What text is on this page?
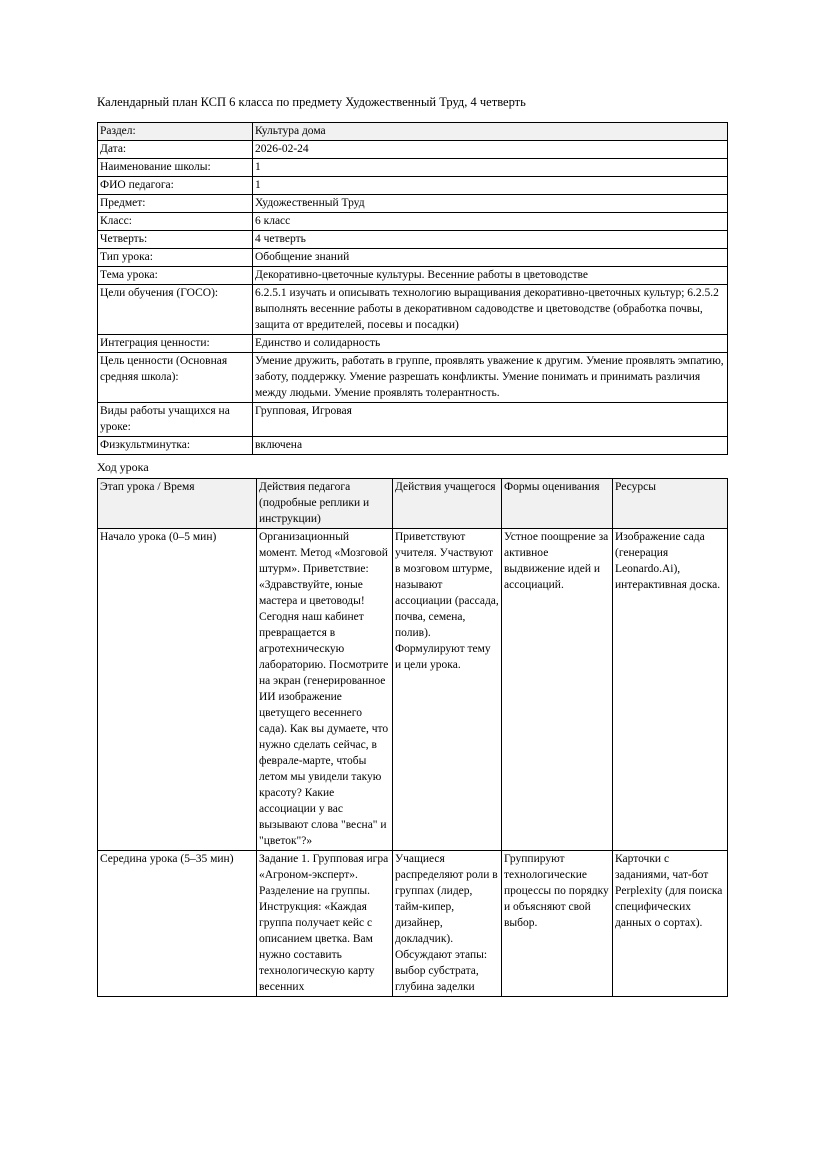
Календарный план КСП 6 класса по предмету Художественный Труд, 4 четверть

Раздел:	Культура дома
Дата:	2026-02-24
Наименование школы:	1
ФИО педагога:	1
Предмет:	Художественный Труд
Класс:	6 класс
Четверть:	4 четверть
Тип урока:	Обобщение знаний
Тема урока:	Декоративно-цветочные культуры. Весенние работы в цветоводстве
Цели обучения (ГОСО):	6.2.5.1 изучать и описывать технологию выращивания декоративно-цветочных культур; 6.2.5.2 выполнять весенние работы в декоративном садоводстве и цветоводстве (обработка почвы, защита от вредителей, посевы и посадки)
Интеграция ценности:	Единство и солидарность
Цель ценности (Основная средняя школа):	Умение дружить, работать в группе, проявлять уважение к другим. Умение проявлять эмпатию, заботу, поддержку. Умение разрешать конфликты. Умение понимать и принимать различия между людьми. Умение проявлять толерантность.
Виды работы учащихся на уроке:	Групповая, Игровая
Физкультминутка:	включена

Ход урока

Этап урока / Время	Действия педагога (подробные реплики и инструкции)	Действия учащегося	Формы оценивания	Ресурсы
Начало урока (0–5 мин)	Организационный момент. Метод «Мозговой штурм». Приветствие: «Здравствуйте, юные мастера и цветоводы! Сегодня наш кабинет превращается в агротехническую лабораторию. Посмотрите на экран (генерированное ИИ изображение цветущего весеннего сада). Как вы думаете, что нужно сделать сейчас, в феврале-марте, чтобы летом мы увидели такую красоту? Какие ассоциации у вас вызывают слова "весна" и "цветок"?»	Приветствуют учителя. Участвуют в мозговом штурме, называют ассоциации (рассада, почва, семена, полив). Формулируют тему и цели урока.	Устное поощрение за активное выдвижение идей и ассоциаций.	Изображение сада (генерация Leonardo.Ai), интерактивная доска.
Середина урока (5–35 мин)	Задание 1. Групповая игра «Агроном-эксперт». Разделение на группы. Инструкция: «Каждая группа получает кейс с описанием цветка. Вам нужно составить технологическую карту весенних	Учащиеся распределяют роли в группах (лидер, тайм-кипер, дизайнер, докладчик). Обсуждают этапы: выбор субстрата, глубина заделки	Группируют технологические процессы по порядку и объясняют свой выбор.	Карточки с заданиями, чат-бот Perplexity (для поиска специфических данных о сортах).
